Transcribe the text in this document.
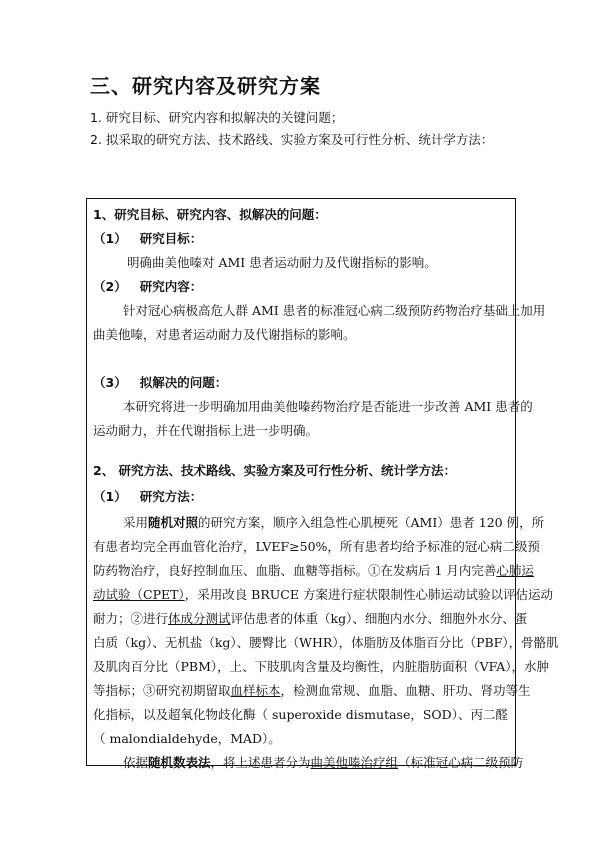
三、研究内容及研究方案
1. 研究目标、研究内容和拟解决的关键问题；
2. 拟采取的研究方法、技术路线、实验方案及可行性分析、统计学方法：
1、研究目标、研究内容、拟解决的问题：
（1） 研究目标：
明确曲美他嗪对 AMI 患者运动耐力及代谢指标的影响。
（2） 研究内容：
针对冠心病极高危人群 AMI 患者的标准冠心病二级预防药物治疗基础上加用
曲美他嗪，对患者运动耐力及代谢指标的影响。
（3） 拟解决的问题：
本研究将进一步明确加用曲美他嗪药物治疗是否能进一步改善 AMI 患者的
运动耐力，并在代谢指标上进一步明确。
2、 研究方法、技术路线、实验方案及可行性分析、统计学方法：
（1） 研究方法：
采用随机对照的研究方案，顺序入组急性心肌梗死（AMI）患者 120 例，所
有患者均完全再血管化治疗，LVEF≥50%，所有患者均给予标准的冠心病二级预
防药物治疗，良好控制血压、血脂、血糖等指标。①在发病后 1 月内完善心肺运
动试验（CPET），采用改良 BRUCE 方案进行症状限制性心肺运动试验以评估运动
耐力；②进行体成分测试评估患者的体重（kg）、细胞内水分、细胞外水分、蛋
白质（kg）、无机盐（kg）、腰臀比（WHR），体脂肪及体脂百分比（PBF），骨骼肌
及肌肉百分比（PBM），上、下肢肌肉含量及均衡性，内脏脂肪面积（VFA），水肿
等指标；③研究初期留取血样标本，检测血常规、血脂、血糖、肝功、肾功等生
化指标，以及超氧化物歧化酶（ superoxide dismutase，SOD）、丙二醛
（ malondialdehyde，MAD）。
依据随机数表法，将上述患者分为曲美他嗪治疗组（标准冠心病二级预防
